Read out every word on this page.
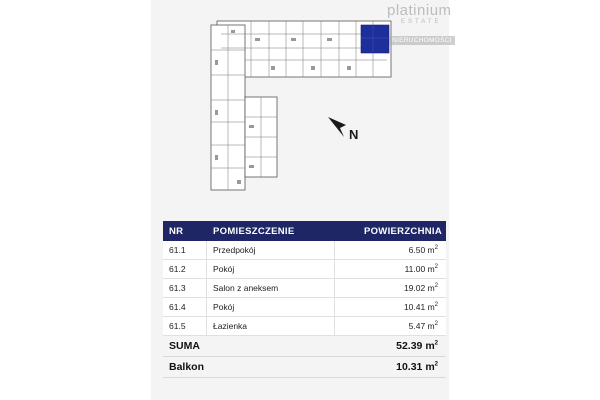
N
platinium
ESTATE
NIERUCHOMOŚCI
NR	POMIESZCZENIE	POWIERZCHNIA
61.1	Przedpokój	6.50 $m^2$
61.2	Pokój	11.00 $m^2$
61.3	Salon z aneksem	19.02 $m^2$
61.4	Pokój	10.41 $m^2$
61.5	Łazienka	5.47 $m^2$
SUMA	52.39 $m^2$
Balkon	10.31 $m^2$
